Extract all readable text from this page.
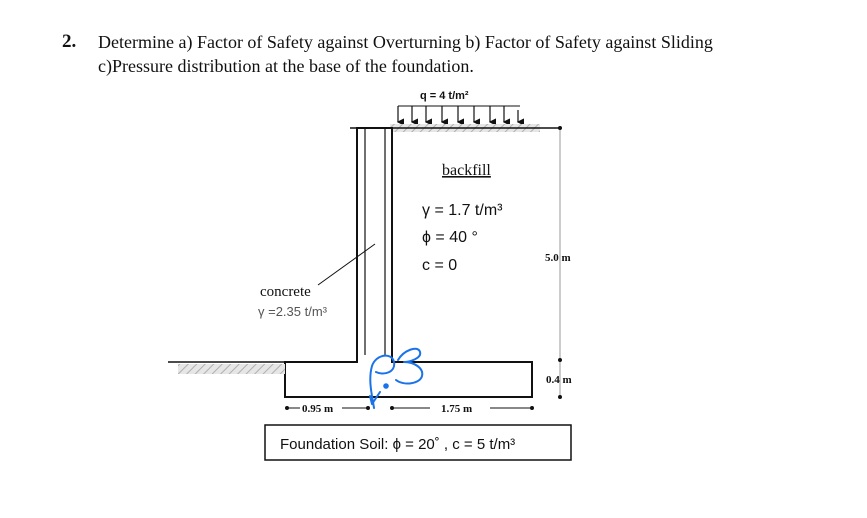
2. Determine a) Factor of Safety against Overturning b) Factor of Safety against Sliding
c)Pressure distribution at the base of the foundation.
q = 4 t/m²
backfill
γ = 1.7 t/m³
ϕ = 40 °
c = 0
concrete
γ =2.35 t/m³
5.0 m
0.4 m
0.95 m	1.75 m
Foundation Soil: ϕ = 20˚ , c = 5 t/m³
